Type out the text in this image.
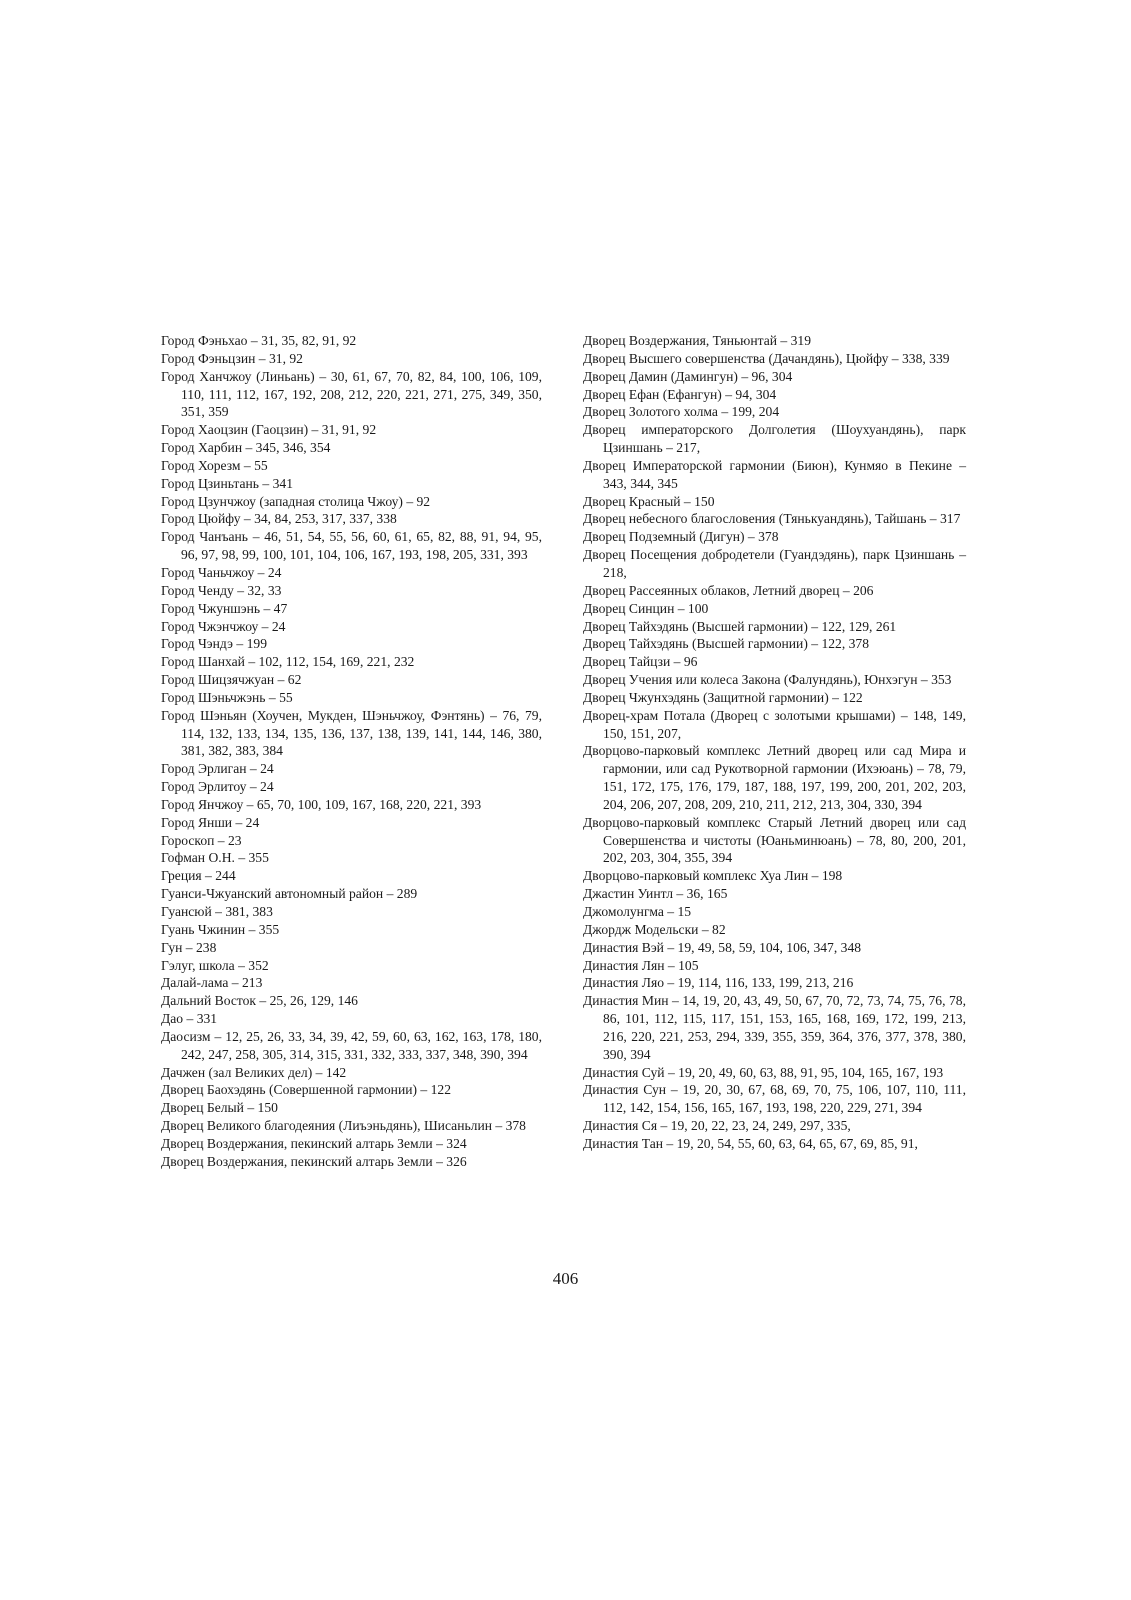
Город Фэньхао – 31, 35, 82, 91, 92

Город Фэньцзин – 31, 92

Город Ханчжоу (Линьань) – 30, 61, 67, 70, 82, 84, 100, 106, 109, 110, 111, 112, 167, 192, 208, 212, 220, 221, 271, 275, 349, 350, 351, 359

Город Хаоцзин (Гаоцзин) – 31, 91, 92

Город Харбин – 345, 346, 354

Город Хорезм – 55

Город Цзиньтань – 341

Город Цзунчжоу (западная столица Чжоу) – 92

Город Цюйфу – 34, 84, 253, 317, 337, 338

Город Чанъань – 46, 51, 54, 55, 56, 60, 61, 65, 82, 88, 91, 94, 95, 96, 97, 98, 99, 100, 101, 104, 106, 167, 193, 198, 205, 331, 393

Город Чаньчжоу – 24

Город Ченду – 32, 33

Город Чжуншэнь – 47

Город Чжэнчжоу – 24

Город Чэндэ – 199

Город Шанхай – 102, 112, 154, 169, 221, 232

Город Шицзячжуан – 62

Город Шэньчжэнь – 55

Город Шэньян (Хоучен, Мукден, Шэньчжоу, Фэнтянь) – 76, 79, 114, 132, 133, 134, 135, 136, 137, 138, 139, 141, 144, 146, 380, 381, 382, 383, 384

Город Эрлиган – 24

Город Эрлитоу – 24

Город Янчжоу – 65, 70, 100, 109, 167, 168, 220, 221, 393

Город Янши – 24

Гороскоп – 23

Гофман О.Н. – 355

Греция – 244

Гуанси-Чжуанский автономный район – 289

Гуансюй – 381, 383

Гуань Чжинин – 355

Гун – 238

Гэлуг, школа – 352

Далай-лама – 213

Дальний Восток – 25, 26, 129, 146

Дао – 331

Даосизм – 12, 25, 26, 33, 34, 39, 42, 59, 60, 63, 162, 163, 178, 180, 242, 247, 258, 305, 314, 315, 331, 332, 333, 337, 348, 390, 394

Дачжен (зал Великих дел) – 142

Дворец Баохэдянь (Совершенной гармонии) – 122

Дворец Белый – 150

Дворец Великого благодеяния (Лиъэньдянь), Шисаньлин – 378

Дворец Воздержания, пекинский алтарь Земли – 324

Дворец Воздержания, пекинский алтарь Земли – 326

Дворец Воздержания, Тяньюнтай – 319

Дворец Высшего совершенства (Дачандянь), Цюйфу – 338, 339

Дворец Дамин (Дамингун) – 96, 304

Дворец Ефан (Ефангун) – 94, 304

Дворец Золотого холма – 199, 204

Дворец императорского Долголетия (Шоухуандянь), парк Цзиншань – 217,

Дворец Императорской гармонии (Биюн), Кунмяо в Пекине – 343, 344, 345

Дворец Красный – 150

Дворец небесного благословения (Тянькуандянь), Тайшань – 317

Дворец Подземный (Дигун) – 378

Дворец Посещения добродетели (Гуандэдянь), парк Цзиншань – 218,

Дворец Рассеянных облаков, Летний дворец – 206

Дворец Синцин – 100

Дворец Тайхэдянь (Высшей гармонии) – 122, 129, 261

Дворец Тайхэдянь (Высшей гармонии) – 122, 378

Дворец Тайцзи – 96

Дворец Учения или колеса Закона (Фалундянь), Юнхэгун – 353

Дворец Чжунхэдянь (Защитной гармонии) – 122

Дворец-храм Потала (Дворец с золотыми крышами) – 148, 149, 150, 151, 207,

Дворцово-парковый комплекс Летний дворец или сад Мира и гармонии, или сад Рукотворной гармонии (Ихэюань) – 78, 79, 151, 172, 175, 176, 179, 187, 188, 197, 199, 200, 201, 202, 203, 204, 206, 207, 208, 209, 210, 211, 212, 213, 304, 330, 394

Дворцово-парковый комплекс Старый Летний дворец или сад Совершенства и чистоты (Юаньминюань) – 78, 80, 200, 201, 202, 203, 304, 355, 394

Дворцово-парковый комплекс Хуа Лин – 198

Джастин Уинтл – 36, 165

Джомолунгма – 15

Джордж Модельски – 82

Династия Вэй – 19, 49, 58, 59, 104, 106, 347, 348

Династия Лян – 105

Династия Ляо – 19, 114, 116, 133, 199, 213, 216

Династия Мин – 14, 19, 20, 43, 49, 50, 67, 70, 72, 73, 74, 75, 76, 78, 86, 101, 112, 115, 117, 151, 153, 165, 168, 169, 172, 199, 213, 216, 220, 221, 253, 294, 339, 355, 359, 364, 376, 377, 378, 380, 390, 394

Династия Суй – 19, 20, 49, 60, 63, 88, 91, 95, 104, 165, 167, 193

Династия Сун – 19, 20, 30, 67, 68, 69, 70, 75, 106, 107, 110, 111, 112, 142, 154, 156, 165, 167, 193, 198, 220, 229, 271, 394

Династия Ся – 19, 20, 22, 23, 24, 249, 297, 335,

Династия Тан – 19, 20, 54, 55, 60, 63, 64, 65, 67, 69, 85, 91,

406
